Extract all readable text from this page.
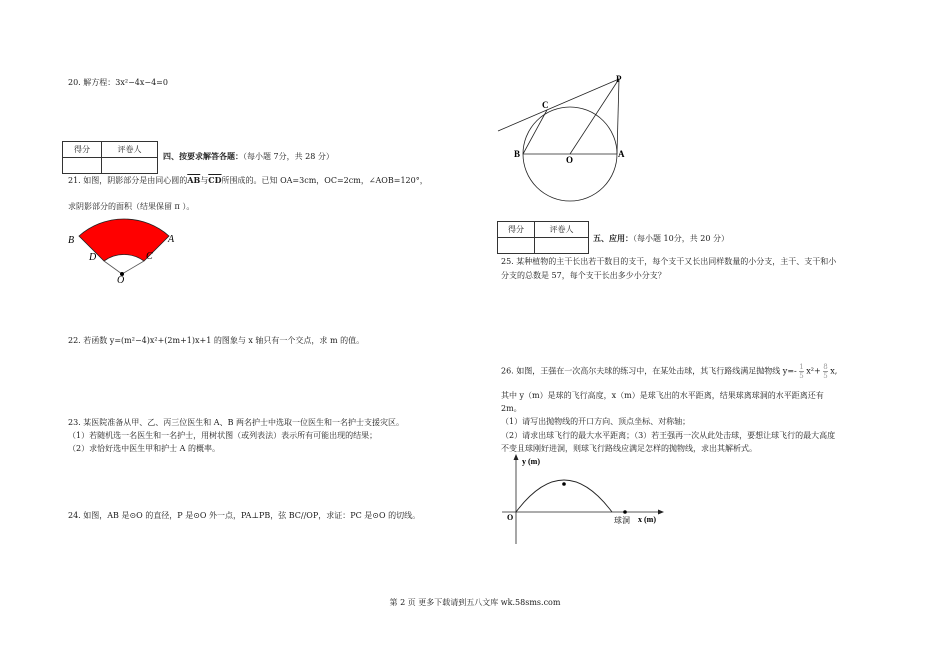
20. 解方程：3x²−4x−4=0
得分	评卷人

四、按要求解答各题：（每小题 7分，共 28 分）
21. 如图，阴影部分是由同心圆的$\overline{AB}$与$\overline{CD}$所围成的。已知 OA=3cm，OC=2cm，∠AOB=120°，
求阴影部分的面积（结果保留 π ）。
B	A
D	C
O
22. 若函数 y=(m²−4)x²+(2m+1)x+1 的图象与 x 轴只有一个交点，求 m 的值。
23. 某医院准备从甲、乙、丙三位医生和 A、B 两名护士中选取一位医生和一名护士支援灾区。
（1）若随机选一名医生和一名护士，用树状图（或列表法）表示所有可能出现的结果；
（2）求恰好选中医生甲和护士 A 的概率。
24. 如图，AB 是⊙O 的直径，P 是⊙O 外一点，PA⊥PB，弦 BC//OP，求证：PC 是⊙O 的切线。
P
C
B
O
A
得分	评卷人

五、应用：（每小题 10分，共 20 分）
25. 某种植物的主干长出若干数目的支干，每个支干又长出同样数量的小分支，主干、支干和小
分支的总数是 57，每个支干长出多少小分支？
26. 如图，王强在一次高尔夫球的练习中，在某处击球，其飞行路线满足抛物线 $y=- \frac{1}{5} x^2+ \frac{8}{5} x$,
其中 y（m）是球的飞行高度，x（m）是球飞出的水平距离，结果球离球洞的水平距离还有
2m。
（1）请写出抛物线的开口方向、顶点坐标、对称轴；
（2）请求出球飞行的最大水平距离；（3）若王强再一次从此处击球，要想让球飞行的最大高度
不变且球刚好进洞，则球飞行路线应满足怎样的抛物线，求出其解析式。
y (m)
x (m)
O	球洞
第 2 页 更多下载请到五八文库 wk.58sms.com
